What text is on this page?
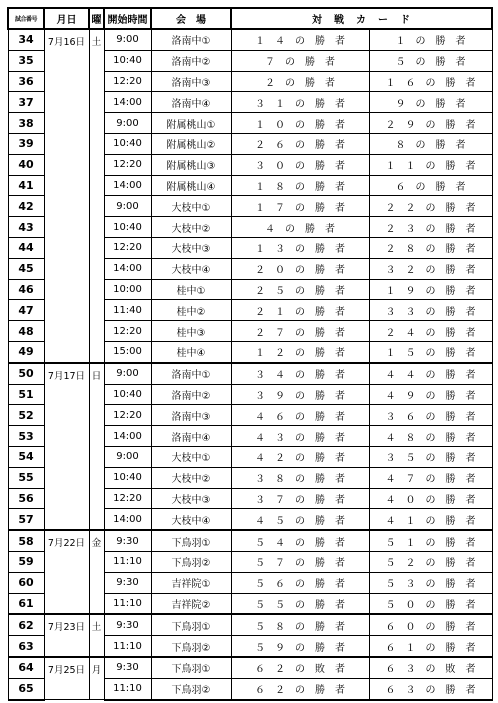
試合番号	月日	曜	開始時間	会　場	対　戦　カ　ー　ド	
34	7月16日	土	9:00	洛南中①	１　４　の　勝　者	１　の　勝　者
35			10:40	洛南中②	７　の　勝　者	５　の　勝　者
36			12:20	洛南中③	２　の　勝　者	１　６　の　勝　者
37			14:00	洛南中④	３　１　の　勝　者	９　の　勝　者
38			9:00	附属桃山①	１　０　の　勝　者	２　９　の　勝　者
39			10:40	附属桃山②	２　６　の　勝　者	８　の　勝　者
40			12:20	附属桃山③	３　０　の　勝　者	１　１　の　勝　者
41			14:00	附属桃山④	１　８　の　勝　者	６　の　勝　者
42			9:00	大枝中①	１　７　の　勝　者	２　２　の　勝　者
43			10:40	大枝中②	４　の　勝　者	２　３　の　勝　者
44			12:20	大枝中③	１　３　の　勝　者	２　８　の　勝　者
45			14:00	大枝中④	２　０　の　勝　者	３　２　の　勝　者
46			10:00	桂中①	２　５　の　勝　者	１　９　の　勝　者
47			11:40	桂中②	２　１　の　勝　者	３　３　の　勝　者
48			12:20	桂中③	２　７　の　勝　者	２　４　の　勝　者
49			15:00	桂中④	１　２　の　勝　者	１　５　の　勝　者
50	7月17日	日	9:00	洛南中①	３　４　の　勝　者	４　４　の　勝　者
51			10:40	洛南中②	３　９　の　勝　者	４　９　の　勝　者
52			12:20	洛南中③	４　６　の　勝　者	３　６　の　勝　者
53			14:00	洛南中④	４　３　の　勝　者	４　８　の　勝　者
54			9:00	大枝中①	４　２　の　勝　者	３　５　の　勝　者
55			10:40	大枝中②	３　８　の　勝　者	４　７　の　勝　者
56			12:20	大枝中③	３　７　の　勝　者	４　０　の　勝　者
57			14:00	大枝中④	４　５　の　勝　者	４　１　の　勝　者
58	7月22日	金	9:30	下鳥羽①	５　４　の　勝　者	５　１　の　勝　者
59			11:10	下鳥羽②	５　７　の　勝　者	５　２　の　勝　者
60			9:30	吉祥院①	５　６　の　勝　者	５　３　の　勝　者
61			11:10	吉祥院②	５　５　の　勝　者	５　０　の　勝　者
62	7月23日	土	9:30	下鳥羽①	５　８　の　勝　者	６　０　の　勝　者
63			11:10	下鳥羽②	５　９　の　勝　者	６　１　の　勝　者
64	7月25日	月	9:30	下鳥羽①	６　２　の　敗　者	６　３　の　敗　者
65			11:10	下鳥羽②	６　２　の　勝　者	６　３　の　勝　者
